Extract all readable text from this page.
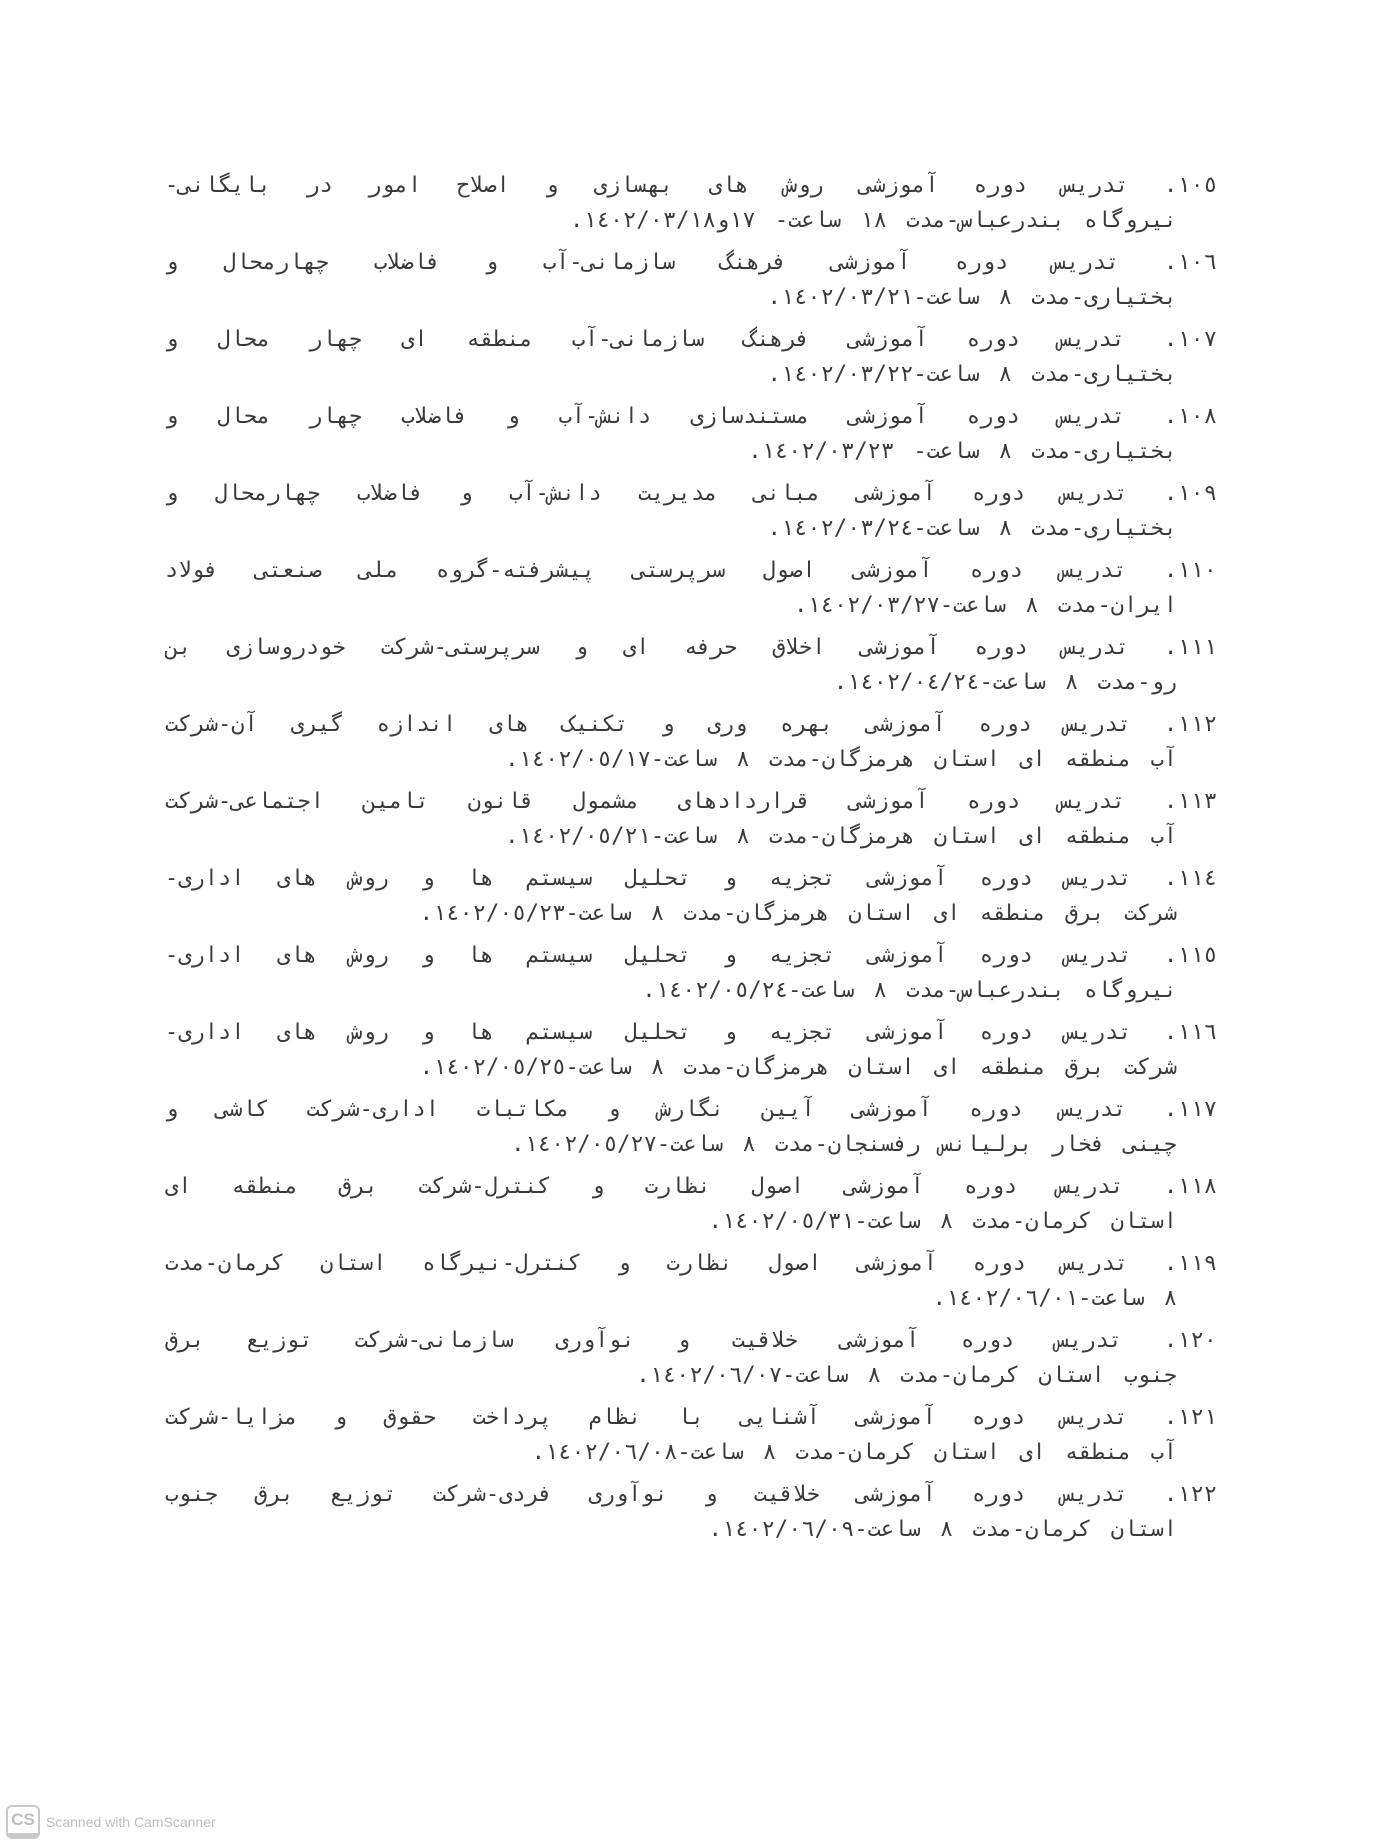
١٠٥. تدریس دوره آموزشی روش های بهسازی و اصلاح امور در بایگانی-
نیروگاه بندرعباس-مدت ١٨ ساعت- ١٧و١٤٠٢/٠٣/١٨.
١٠٦. تدریس دوره آموزشی فرهنگ سازمانی-آب و فاضلاب چهارمحال و
بختیاری-مدت ٨ ساعت-١٤٠٢/٠٣/٢١.
١٠٧. تدریس دوره آموزشی فرهنگ سازمانی-آب منطقه ای چهار محال و
بختیاری-مدت ٨ ساعت-١٤٠٢/٠٣/٢٢.
١٠٨. تدریس دوره آموزشی مستندسازی دانش-آب و فاضلاب چهار محال و
بختیاری-مدت ٨ ساعت- ١٤٠٢/٠٣/٢٣.
١٠٩. تدریس دوره آموزشی مبانی مدیریت دانش-آب و فاضلاب چهارمحال و
بختیاری-مدت ٨ ساعت-١٤٠٢/٠٣/٢٤.
١١٠. تدریس دوره آموزشی اصول سرپرستی پیشرفته-گروه ملی صنعتی فولاد
ایران-مدت ٨ ساعت-١٤٠٢/٠٣/٢٧.
١١١. تدریس دوره آموزشی اخلاق حرفه ای و سرپرستی-شرکت خودروسازی بن
رو-مدت ٨ ساعت-١٤٠٢/٠٤/٢٤.
١١٢. تدریس دوره آموزشی بهره وری و تکنیک های اندازه گیری آن-شرکت
آب منطقه ای استان هرمزگان-مدت ٨ ساعت-١٤٠٢/٠٥/١٧.
١١٣. تدریس دوره آموزشی قراردادهای مشمول قانون تامین اجتماعی-شرکت
آب منطقه ای استان هرمزگان-مدت ٨ ساعت-١٤٠٢/٠٥/٢١.
١١٤. تدریس دوره آموزشی تجزیه و تحلیل سیستم ها و روش های اداری-
شرکت برق منطقه ای استان هرمزگان-مدت ٨ ساعت-١٤٠٢/٠٥/٢٣.
١١٥. تدریس دوره آموزشی تجزیه و تحلیل سیستم ها و روش های اداری-
نیروگاه بندرعباس-مدت ٨ ساعت-١٤٠٢/٠٥/٢٤.
١١٦. تدریس دوره آموزشی تجزیه و تحلیل سیستم ها و روش های اداری-
شرکت برق منطقه ای استان هرمزگان-مدت ٨ ساعت-١٤٠٢/٠٥/٢٥.
١١٧. تدریس دوره آموزشی آیین نگارش و مکاتبات اداری-شرکت کاشی و
چینی فخار برلیانس رفسنجان-مدت ٨ ساعت-١٤٠٢/٠٥/٢٧.
١١٨. تدریس دوره آموزشی اصول نظارت و کنترل-شرکت برق منطقه ای
استان کرمان-مدت ٨ ساعت-١٤٠٢/٠٥/٣١.
١١٩. تدریس دوره آموزشی اصول نظارت و کنترل-نیرگاه استان کرمان-مدت
٨ ساعت-١٤٠٢/٠٦/٠١.
١٢٠. تدریس دوره آموزشی خلاقیت و نوآوری سازمانی-شرکت توزیع برق
جنوب استان کرمان-مدت ٨ ساعت-١٤٠٢/٠٦/٠٧.
١٢١. تدریس دوره آموزشی آشنایی با نظام پرداخت حقوق و مزایا-شرکت
آب منطقه ای استان کرمان-مدت ٨ ساعت-١٤٠٢/٠٦/٠٨.
١٢٢. تدریس دوره آموزشی خلاقیت و نوآوری فردی-شرکت توزیع برق جنوب
استان کرمان-مدت ٨ ساعت-١٤٠٢/٠٦/٠٩.
CS Scanned with CamScanner
